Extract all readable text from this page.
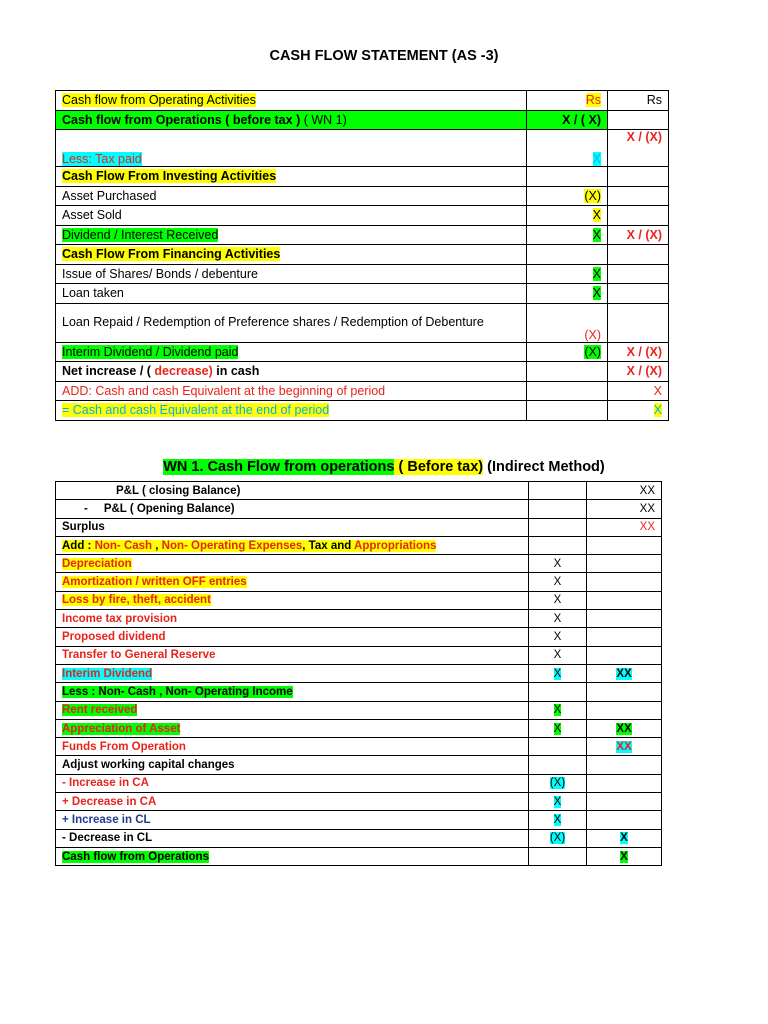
CASH FLOW STATEMENT (AS -3)
Cash flow from Operating Activities	Rs	Rs
Cash flow from Operations ( before tax ) ( WN 1)	X / ( X)	
Less: Tax paid	X	X / (X)
Cash Flow From Investing Activities		
Asset Purchased	(X)	
Asset Sold	X	
Dividend / Interest Received	X	X / (X)
Cash Flow From Financing Activities		
Issue of Shares/ Bonds / debenture	X	
Loan taken	X	
Loan Repaid / Redemption of Preference shares / Redemption of Debenture	(X)	
Interim Dividend / Dividend paid	(X)	X / (X)
Net increase / ( decrease) in cash		X / (X)
ADD: Cash and cash Equivalent at the beginning of period		X
= Cash and cash Equivalent at the end of period		X
WN 1. Cash Flow from operations ( Before tax) (Indirect Method)
P&L ( closing Balance)		XX
- P&L ( Opening Balance)		XX
Surplus		XX
Add : Non- Cash , Non- Operating Expenses, Tax and Appropriations		
Depreciation	X	
Amortization / written OFF entries	X	
Loss by fire, theft, accident	X	
Income tax provision	X	
Proposed dividend	X	
Transfer to General Reserve	X	
Interim Dividend	X	XX
Less : Non- Cash , Non- Operating Income		
Rent received	X	
Appreciation of Asset	X	XX
Funds From Operation		XX
Adjust working capital changes		
- Increase in CA	(X)	
+ Decrease in CA	X	
+ Increase in CL	X	
- Decrease in CL	(X)	X
Cash flow from Operations		X
